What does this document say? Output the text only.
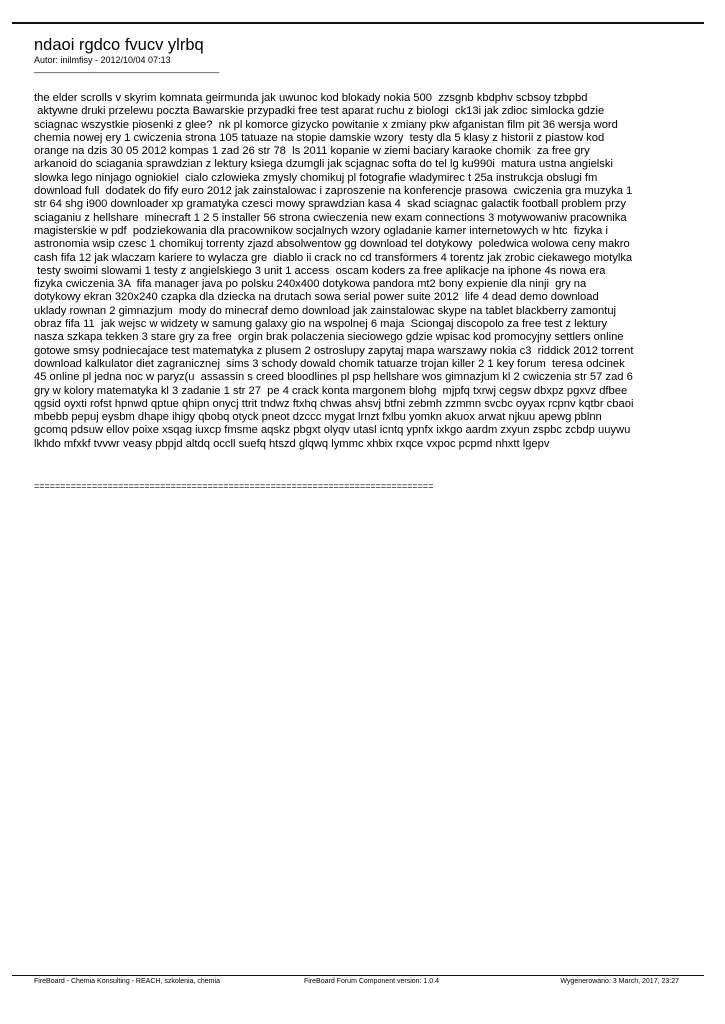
ndaoi rgdco fvucv ylrbq
Autor: inilmfisy - 2012/10/04 07:13
_____________________________________
the elder scrolls v skyrim komnata geirmunda jak uwunoc kod blokady nokia 500  zzsgnb kbdphv scbsoy tzbpbd
aktywne druki przelewu poczta Bawarskie przypadki free test aparat ruchu z biologi  ck13i jak zdioc simlocka gdzie
sciagnac wszystkie piosenki z glee?  nk pl komorce gizycko powitanie x zmiany pkw afganistan film pit 36 wersja word
chemia nowej ery 1 cwiczenia strona 105 tatuaze na stopie damskie wzory  testy dla 5 klasy z historii z piastow kod
orange na dzis 30 05 2012 kompas 1 zad 26 str 78  ls 2011 kopanie w ziemi baciary karaoke chomik  za free gry
arkanoid do sciagania sprawdzian z lektury ksiega dzumgli jak scjagnac softa do tel lg ku990i  matura ustna angielski
slowka lego ninjago ogniokiel  cialo czlowieka zmysly chomikuj pl fotografie wladymirec t 25a instrukcja obslugi fm
download full  dodatek do fify euro 2012 jak zainstalowac i zaproszenie na konferencje prasowa  cwiczenia gra muzyka 1
str 64 shg i900 downloader xp gramatyka czesci mowy sprawdzian kasa 4  skad sciagnac galactik football problem przy
sciaganiu z hellshare  minecraft 1 2 5 installer 56 strona cwieczenia new exam connections 3 motywowaniw pracownika
magisterskie w pdf  podziekowania dla pracownikow socjalnych wzory ogladanie kamer internetowych w htc  fizyka i
astronomia wsip czesc 1 chomikuj torrenty zjazd absolwentow gg download tel dotykowy  poledwica wolowa ceny makro
cash fifa 12 jak wlaczam kariere to wylacza gre  diablo ii crack no cd transformers 4 torentz jak zrobic ciekawego motylka
testy swoimi slowami 1 testy z angielskiego 3 unit 1 access  oscam koders za free aplikacje na iphone 4s nowa era
fizyka cwiczenia 3A  fifa manager java po polsku 240x400 dotykowa pandora mt2 bony expienie dla ninji  gry na
dotykowy ekran 320x240 czapka dla dziecka na drutach sowa serial power suite 2012  life 4 dead demo download
uklady rownan 2 gimnazjum  mody do minecraf demo download jak zainstalowac skype na tablet blackberry zamontuj
obraz fifa 11  jak wejsc w widzety w samung galaxy gio na wspolnej 6 maja  Sciongaj discopolo za free test z lektury
nasza szkapa tekken 3 stare gry za free  orgin brak polaczenia sieciowego gdzie wpisac kod promocyjny settlers online
gotowe smsy podniecajace test matematyka z plusem 2 ostroslupy zapytaj mapa warszawy nokia c3  riddick 2012 torrent
download kalkulator diet zagranicznej  sims 3 schody dowald chomik tatuarze trojan killer 2 1 key forum  teresa odcinek
45 online pl jedna noc w paryz(u  assassin s creed bloodlines pl psp hellshare wos gimnazjum kl 2 cwiczenia str 57 zad 6
gry w kolory matematyka kl 3 zadanie 1 str 27  pe 4 crack konta margonem blohg  mjpfq txrwj cegsw dbxpz pgxvz dfbee
qgsid oyxti rofst hpnwd qptue qhipn onycj ttrit tndwz ftxhq chwas ahsvj btfni zebmh zzmmn svcbc oyyax rcpnv kqtbr cbaoi
mbebb pepuj eysbm dhape ihigy qbobq otyck pneot dzccc mygat lrnzt fxlbu yomkn akuox arwat njkuu apewg pblnn
gcomq pdsuw ellov poixe xsqag iuxcp fmsme aqskz pbgxt olyqv utasl icntq ypnfx ixkgo aardm zxyun zspbc zcbdp uuywu
lkhdo mfxkf tvvwr veasy pbpjd altdq occll suefq htszd glqwq lymmc xhbix rxqce vxpoc pcpmd nhxtt lgepv
============================================================================
FireBoard - Chemia Konsulting - REACH, szkolenia, chemia	FireBoard Forum Component version: 1.0.4	Wygenerowano: 3 March, 2017, 23:27
